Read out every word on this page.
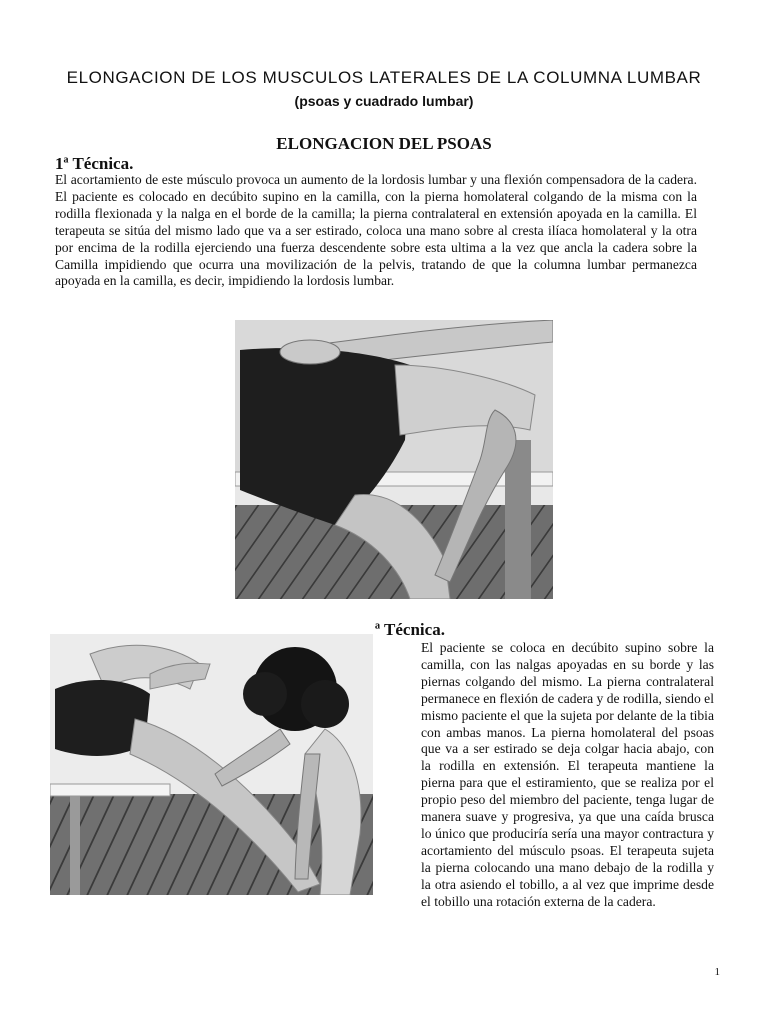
ELONGACION DE LOS MUSCULOS LATERALES DE LA COLUMNA LUMBAR
(psoas y cuadrado lumbar)
ELONGACION DEL PSOAS
1$^a$ Técnica.
El acortamiento de este músculo provoca un aumento de la lordosis lumbar y una flexión compensadora de la cadera. El paciente es colocado en decúbito supino en la camilla, con la pierna homolateral colgando de la misma con la rodilla flexionada y la nalga en el borde de la camilla; la pierna contralateral en extensión apoyada en la camilla. El terapeuta se sitúa del mismo lado que va a ser estirado, coloca una mano sobre al cresta ilíaca homolateral y la otra por encima de la rodilla ejerciendo una fuerza descendente sobre esta ultima a la vez que ancla la cadera sobre la Camilla impidiendo que ocurra una movilización de la pelvis, tratando de que la columna lumbar permanezca apoyada en la camilla, es decir, impidiendo la lordosis lumbar.
ª Técnica.
El paciente se coloca en decúbito supino sobre la camilla, con las nalgas apoyadas en su borde y las piernas colgando del mismo. La pierna contralateral permanece en flexión de cadera y de rodilla, siendo el mismo paciente el que la sujeta por delante de la tibia con ambas manos. La pierna homolateral del psoas que va a ser estirado se deja colgar hacia abajo, con la rodilla en extensión. El terapeuta mantiene la pierna para que el estiramiento, que se realiza por el propio peso del miembro del paciente, tenga lugar de manera suave y progresiva, ya que una caída brusca lo único que produciría sería una mayor contractura y acortamiento del músculo psoas. El terapeuta sujeta la pierna colocando una mano debajo de la rodilla y la otra asiendo el tobillo, a al vez que imprime desde el tobillo una rotación externa de la cadera.
1
